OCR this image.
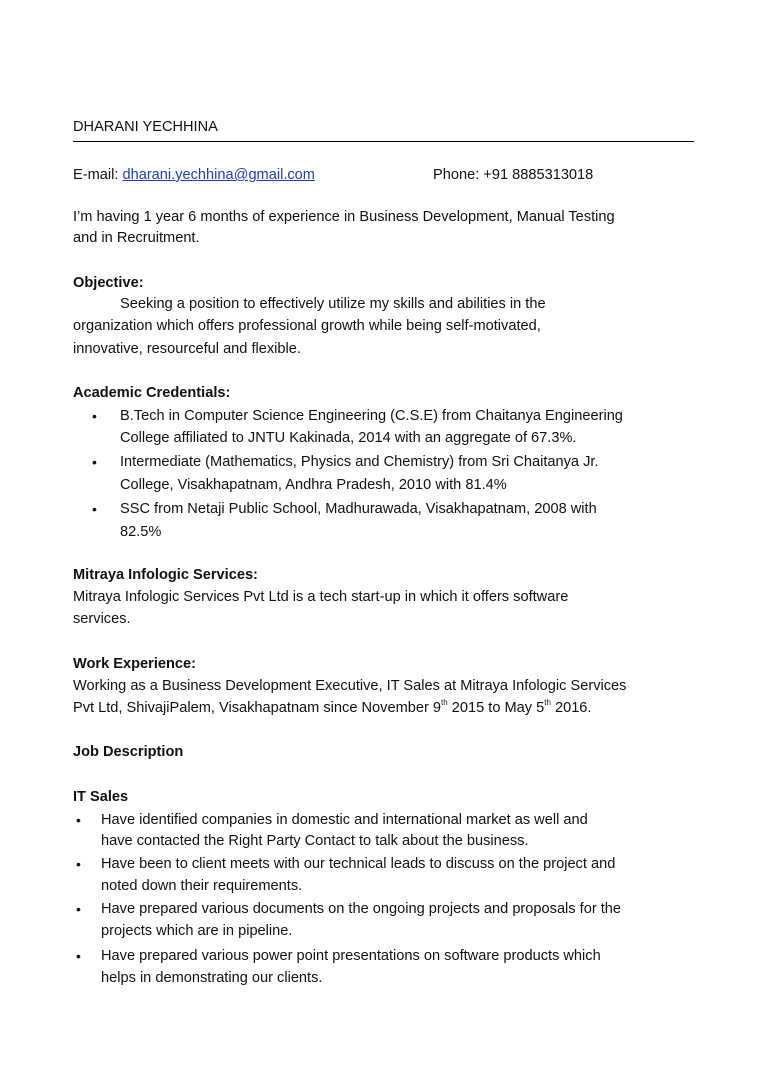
DHARANI YECHHINA
E-mail: dharani.yechhina@gmail.com	Phone: +91 8885313018
I’m having 1 year 6 months of experience in Business Development, Manual Testing
and in Recruitment.
Objective:
Seeking a position to effectively utilize my skills and abilities in the
organization which offers professional growth while being self-motivated,
innovative, resourceful and flexible.
Academic Credentials:
• B.Tech in Computer Science Engineering (C.S.E) from Chaitanya Engineering
College affiliated to JNTU Kakinada, 2014 with an aggregate of 67.3%.
• Intermediate (Mathematics, Physics and Chemistry) from Sri Chaitanya Jr.
College, Visakhapatnam, Andhra Pradesh, 2010 with 81.4%
• SSC from Netaji Public School, Madhurawada, Visakhapatnam, 2008 with
82.5%
Mitraya Infologic Services:
Mitraya Infologic Services Pvt Ltd is a tech start-up in which it offers software
services.
Work Experience:
Working as a Business Development Executive, IT Sales at Mitraya Infologic Services
Pvt Ltd, ShivajiPalem, Visakhapatnam since November 9th 2015 to May 5th 2016.
Job Description
IT Sales
• Have identified companies in domestic and international market as well and
have contacted the Right Party Contact to talk about the business.
• Have been to client meets with our technical leads to discuss on the project and
noted down their requirements.
• Have prepared various documents on the ongoing projects and proposals for the
projects which are in pipeline.
• Have prepared various power point presentations on software products which
helps in demonstrating our clients.
